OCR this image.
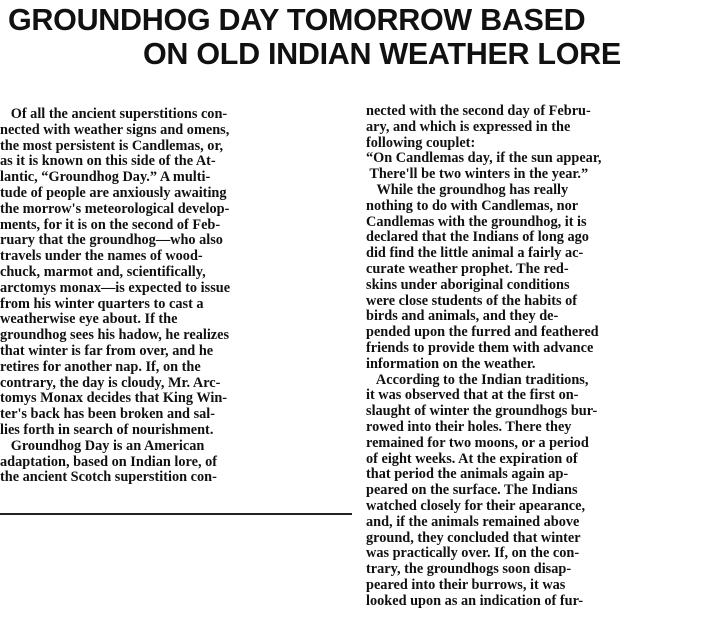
GROUNDHOG DAY TOMORROW BASED
ON OLD INDIAN WEATHER LORE
Of all the ancient superstitions con-
nected with weather signs and omens,
the most persistent is Candlemas, or,
as it is known on this side of the At-
lantic, “Groundhog Day.” A multi-
tude of people are anxiously awaiting
the morrow's meteorological develop-
ments, for it is on the second of Feb-
ruary that the groundhog—who also
travels under the names of wood-
chuck, marmot and, scientifically,
arctomys monax—is expected to issue
from his winter quarters to cast a
weatherwise eye about. If the
groundhog sees his hadow, he realizes
that winter is far from over, and he
retires for another nap. If, on the
contrary, the day is cloudy, Mr. Arc-
tomys Monax decides that King Win-
ter's back has been broken and sal-
lies forth in search of nourishment.
Groundhog Day is an American
adaptation, based on Indian lore, of
the ancient Scotch superstition con-
nected with the second day of Febru-
ary, and which is expressed in the
following couplet:
“On Candlemas day, if the sun appear,
There'll be two winters in the year.”
While the groundhog has really
nothing to do with Candlemas, nor
Candlemas with the groundhog, it is
declared that the Indians of long ago
did find the little animal a fairly ac-
curate weather prophet. The red-
skins under aboriginal conditions
were close students of the habits of
birds and animals, and they de-
pended upon the furred and feathered
friends to provide them with advance
information on the weather.
According to the Indian traditions,
it was observed that at the first on-
slaught of winter the groundhogs bur-
rowed into their holes. There they
remained for two moons, or a period
of eight weeks. At the expiration of
that period the animals again ap-
peared on the surface. The Indians
watched closely for their apearance,
and, if the animals remained above
ground, they concluded that winter
was practically over. If, on the con-
trary, the groundhogs soon disap-
peared into their burrows, it was
looked upon as an indication of fur-
